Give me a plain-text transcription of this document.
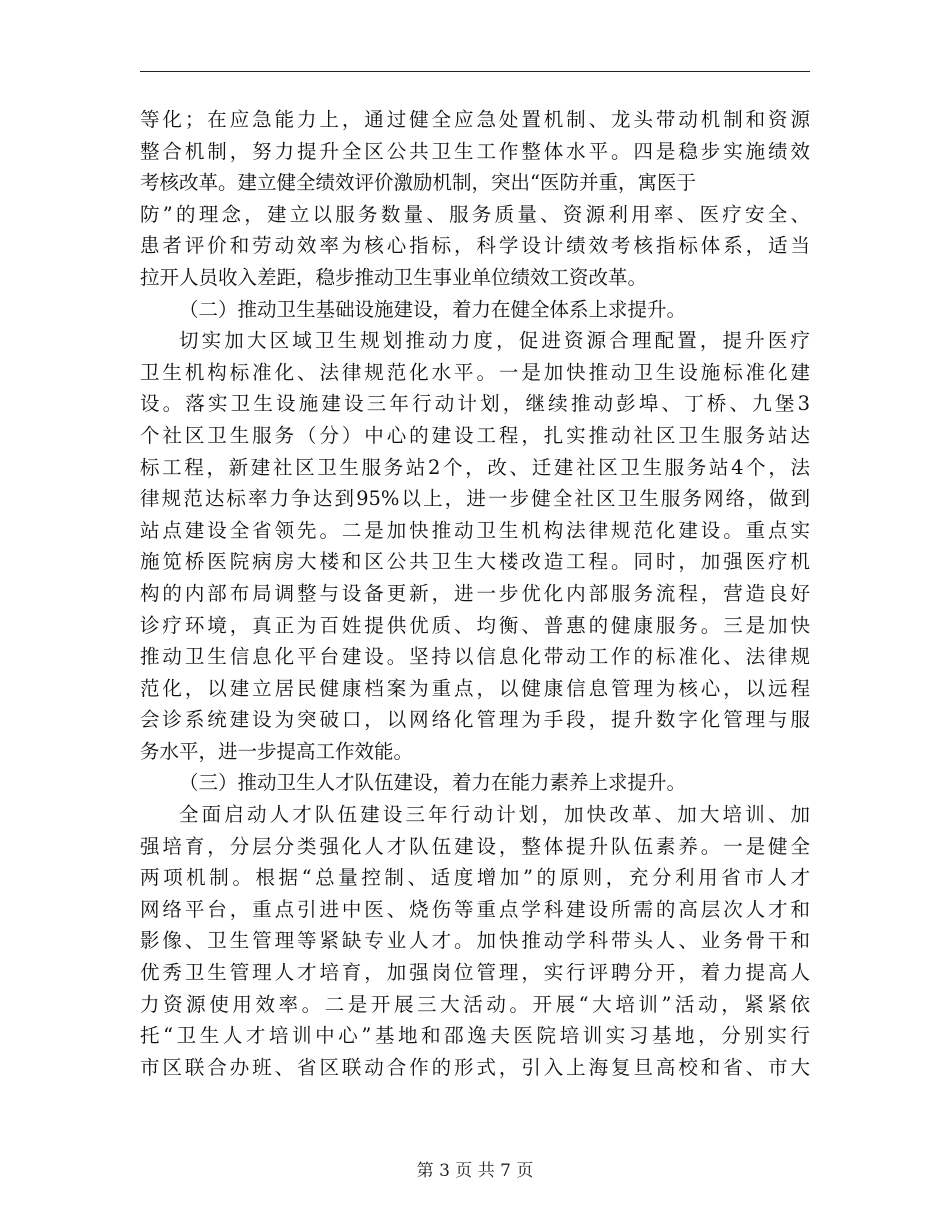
等化；在应急能力上，通过健全应急处置机制、龙头带动机制和资源
整合机制，努力提升全区公共卫生工作整体水平。四是稳步实施绩效
考核改革。建立健全绩效评价激励机制，突出“医防并重，寓医于
防”的理念，建立以服务数量、服务质量、资源利用率、医疗安全、
患者评价和劳动效率为核心指标，科学设计绩效考核指标体系，适当
拉开人员收入差距，稳步推动卫生事业单位绩效工资改革。
（二）推动卫生基础设施建设，着力在健全体系上求提升。
切实加大区域卫生规划推动力度，促进资源合理配置，提升医疗
卫生机构标准化、法律规范化水平。一是加快推动卫生设施标准化建
设。落实卫生设施建设三年行动计划，继续推动彭埠、丁桥、九堡3
个社区卫生服务（分）中心的建设工程，扎实推动社区卫生服务站达
标工程，新建社区卫生服务站2个，改、迁建社区卫生服务站4个，法
律规范达标率力争达到95%以上，进一步健全社区卫生服务网络，做到
站点建设全省领先。二是加快推动卫生机构法律规范化建设。重点实
施笕桥医院病房大楼和区公共卫生大楼改造工程。同时，加强医疗机
构的内部布局调整与设备更新，进一步优化内部服务流程，营造良好
诊疗环境，真正为百姓提供优质、均衡、普惠的健康服务。三是加快
推动卫生信息化平台建设。坚持以信息化带动工作的标准化、法律规
范化，以建立居民健康档案为重点，以健康信息管理为核心，以远程
会诊系统建设为突破口，以网络化管理为手段，提升数字化管理与服
务水平，进一步提高工作效能。
（三）推动卫生人才队伍建设，着力在能力素养上求提升。
全面启动人才队伍建设三年行动计划，加快改革、加大培训、加
强培育，分层分类强化人才队伍建设，整体提升队伍素养。一是健全
两项机制。根据“总量控制、适度增加”的原则，充分利用省市人才
网络平台，重点引进中医、烧伤等重点学科建设所需的高层次人才和
影像、卫生管理等紧缺专业人才。加快推动学科带头人、业务骨干和
优秀卫生管理人才培育，加强岗位管理，实行评聘分开，着力提高人
力资源使用效率。二是开展三大活动。开展“大培训”活动，紧紧依
托“卫生人才培训中心”基地和邵逸夫医院培训实习基地，分别实行
市区联合办班、省区联动合作的形式，引入上海复旦高校和省、市大
第 3 页 共 7 页
